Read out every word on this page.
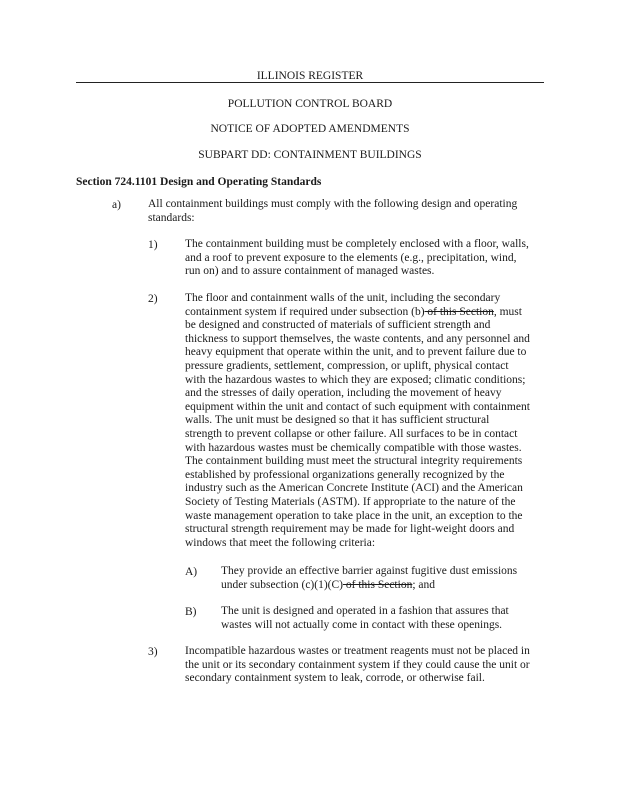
ILLINOIS REGISTER
POLLUTION CONTROL BOARD
NOTICE OF ADOPTED AMENDMENTS
SUBPART DD: CONTAINMENT BUILDINGS
Section 724.1101 Design and Operating Standards
a) All containment buildings must comply with the following design and operating
standards:
1) The containment building must be completely enclosed with a floor, walls,
and a roof to prevent exposure to the elements (e.g., precipitation, wind,
run on) and to assure containment of managed wastes.
2) The floor and containment walls of the unit, including the secondary
containment system if required under subsection (b) of this Section, must
be designed and constructed of materials of sufficient strength and
thickness to support themselves, the waste contents, and any personnel and
heavy equipment that operate within the unit, and to prevent failure due to
pressure gradients, settlement, compression, or uplift, physical contact
with the hazardous wastes to which they are exposed; climatic conditions;
and the stresses of daily operation, including the movement of heavy
equipment within the unit and contact of such equipment with containment
walls. The unit must be designed so that it has sufficient structural
strength to prevent collapse or other failure. All surfaces to be in contact
with hazardous wastes must be chemically compatible with those wastes.
The containment building must meet the structural integrity requirements
established by professional organizations generally recognized by the
industry such as the American Concrete Institute (ACI) and the American
Society of Testing Materials (ASTM). If appropriate to the nature of the
waste management operation to take place in the unit, an exception to the
structural strength requirement may be made for light-weight doors and
windows that meet the following criteria:
A) They provide an effective barrier against fugitive dust emissions
under subsection (c)(1)(C) of this Section; and
B) The unit is designed and operated in a fashion that assures that
wastes will not actually come in contact with these openings.
3) Incompatible hazardous wastes or treatment reagents must not be placed in
the unit or its secondary containment system if they could cause the unit or
secondary containment system to leak, corrode, or otherwise fail.
